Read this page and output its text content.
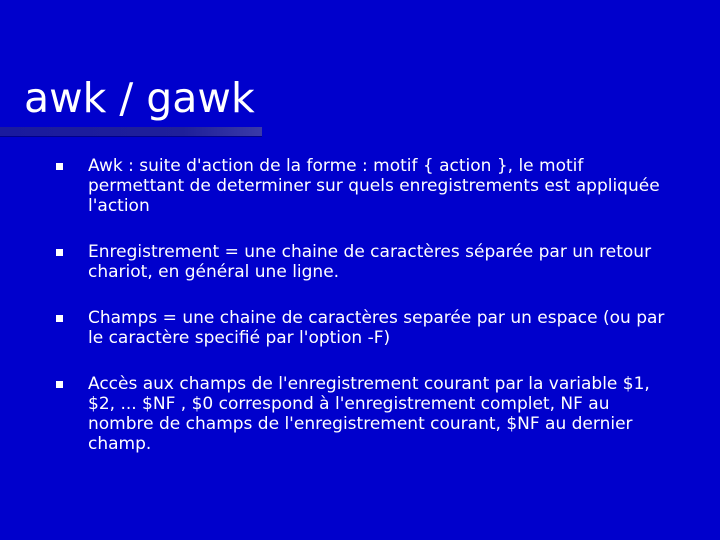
awk / gawk
Awk : suite d'action de la forme : motif { action }, le motif permettant de determiner sur quels enregistrements est appliquée l'action
Enregistrement = une chaine de caractères séparée par un retour chariot, en général une ligne.
Champs = une chaine de caractères separée par un espace (ou par le caractère specifié par l'option -F)
Accès aux champs de l'enregistrement courant par la variable $1, $2, ... $NF , $0 correspond à l'enregistrement complet, NF au nombre de champs de l'enregistrement courant, $NF au dernier champ.
